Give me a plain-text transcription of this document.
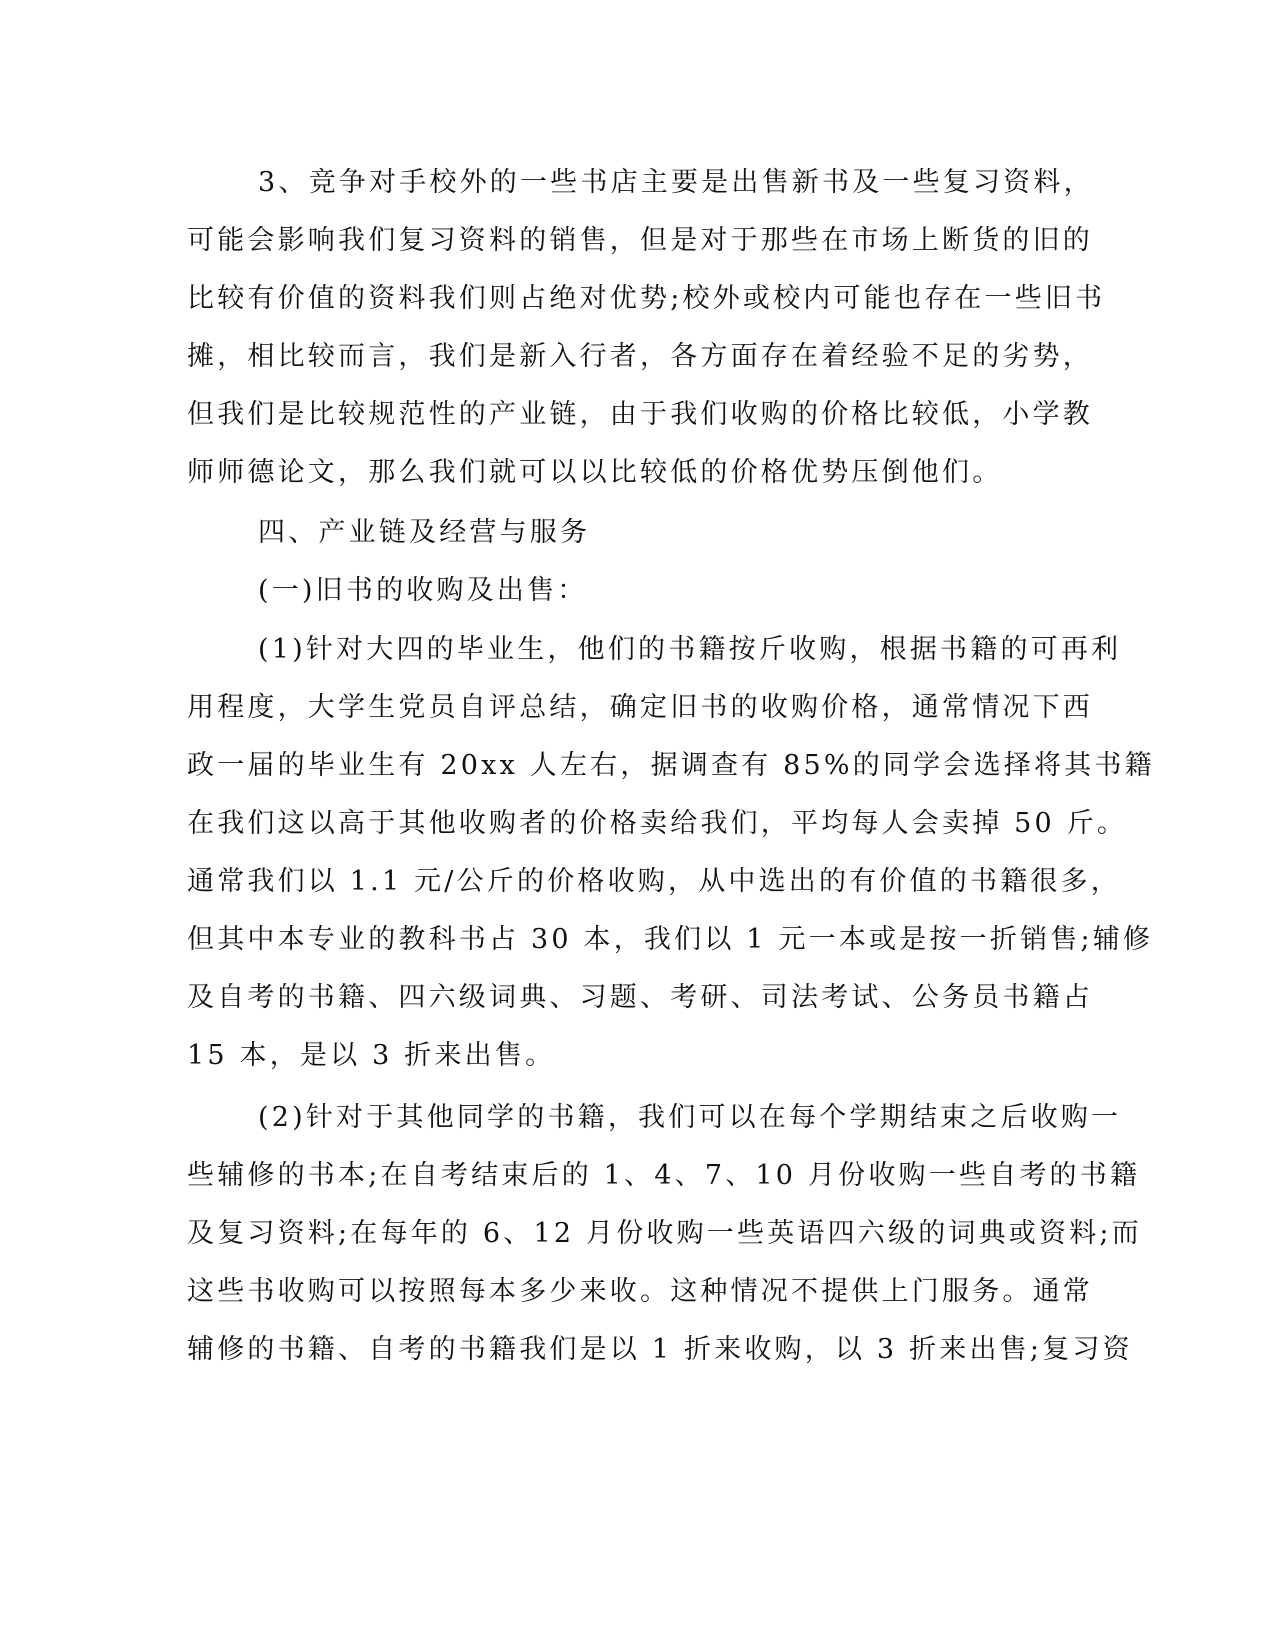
3、竞争对手校外的一些书店主要是出售新书及一些复习资料，

可能会影响我们复习资料的销售，但是对于那些在市场上断货的旧的

比较有价值的资料我们则占绝对优势;校外或校内可能也存在一些旧书

摊，相比较而言，我们是新入行者，各方面存在着经验不足的劣势，

但我们是比较规范性的产业链，由于我们收购的价格比较低，小学教

师师德论文，那么我们就可以以比较低的价格优势压倒他们。

四、产业链及经营与服务

(一)旧书的收购及出售：

(1)针对大四的毕业生，他们的书籍按斤收购，根据书籍的可再利

用程度，大学生党员自评总结，确定旧书的收购价格，通常情况下西

政一届的毕业生有 20xx 人左右，据调查有 85%的同学会选择将其书籍

在我们这以高于其他收购者的价格卖给我们，平均每人会卖掉 50 斤。

通常我们以 1.1 元/公斤的价格收购，从中选出的有价值的书籍很多，

但其中本专业的教科书占 30 本，我们以 1 元一本或是按一折销售;辅修

及自考的书籍、四六级词典、习题、考研、司法考试、公务员书籍占

15 本，是以 3 折来出售。

(2)针对于其他同学的书籍，我们可以在每个学期结束之后收购一

些辅修的书本;在自考结束后的 1、4、7、10 月份收购一些自考的书籍

及复习资料;在每年的 6、12 月份收购一些英语四六级的词典或资料;而

这些书收购可以按照每本多少来收。这种情况不提供上门服务。通常

辅修的书籍、自考的书籍我们是以 1 折来收购，以 3 折来出售;复习资
